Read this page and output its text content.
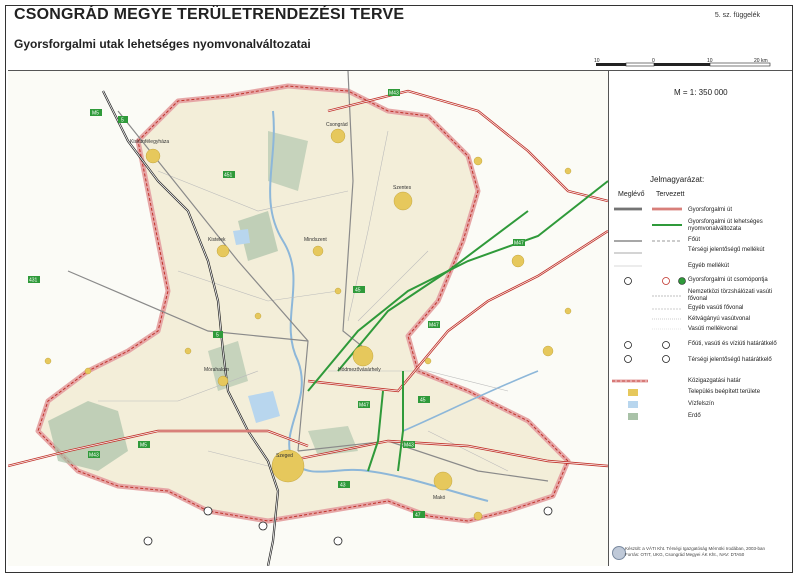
CSONGRÁD MEGYE TERÜLETRENDEZÉSI TERVE
Gyorsforgalmi utak lehetséges nyomvonalváltozatai
5. sz. függelék
10	0	10	20 km
M5
M43
M47
M43
M5
M47
M43
M47
5
5
45
45
47
43
431
451
Szeged
Hódmezővásárhely
Szentes
Csongrád
Makó
Kistelek
Mórahalom
Mindszent
Kiskunfélegyháza
M = 1: 350 000
Jelmagyarázat:
Meglévő Tervezett
Gyorsforgalmi út
Gyorsforgalmi út lehetséges nyomvonalváltozata
Főút
Térségi jelentőségű mellékút
Egyéb mellékút
Gyorsforgalmi út csomópontja
Nemzetközi törzshálózati vasúti fővonal
Egyéb vasúti fővonal
Kétvágányú vasútvonal
Vasúti mellékvonal
Főúti, vasúti és víziúti határátkelő
Térségi jelentőségű határátkelő
Közigazgatási határ
Település beépített területe
Vízfelszín
Erdő
Készült: a VÁTI Kht. Térségi Igazgatóság Mérnöki Irodában, 2003-ban
Forrás: OTrT, UKG, Csongrád Megyei ÁK Kht., NAV: DTA50
